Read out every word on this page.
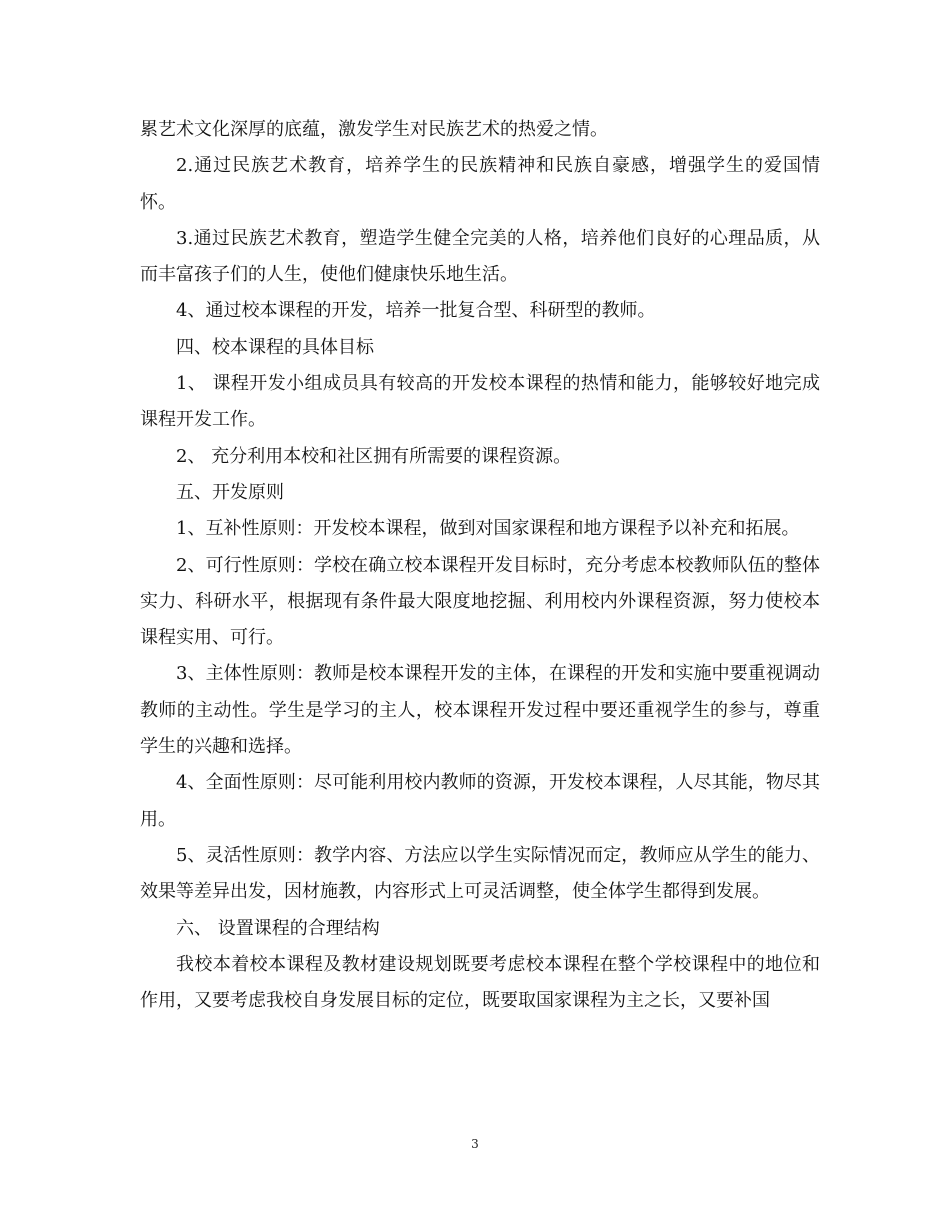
累艺术文化深厚的底蕴，激发学生对民族艺术的热爱之情。

2.通过民族艺术教育，培养学生的民族精神和民族自豪感，增强学生的爱国情怀。

3.通过民族艺术教育，塑造学生健全完美的人格，培养他们良好的心理品质，从而丰富孩子们的人生，使他们健康快乐地生活。

4、通过校本课程的开发，培养一批复合型、科研型的教师。

四、校本课程的具体目标

1、 课程开发小组成员具有较高的开发校本课程的热情和能力，能够较好地完成课程开发工作。

2、 充分利用本校和社区拥有所需要的课程资源。

五、开发原则

1、互补性原则：开发校本课程，做到对国家课程和地方课程予以补充和拓展。

2、可行性原则：学校在确立校本课程开发目标时，充分考虑本校教师队伍的整体实力、科研水平，根据现有条件最大限度地挖掘、利用校内外课程资源，努力使校本课程实用、可行。

3、主体性原则：教师是校本课程开发的主体，在课程的开发和实施中要重视调动教师的主动性。学生是学习的主人，校本课程开发过程中要还重视学生的参与，尊重学生的兴趣和选择。

4、全面性原则：尽可能利用校内教师的资源，开发校本课程，人尽其能，物尽其用。

5、灵活性原则：教学内容、方法应以学生实际情况而定，教师应从学生的能力、效果等差异出发，因材施教，内容形式上可灵活调整，使全体学生都得到发展。

六、 设置课程的合理结构

我校本着校本课程及教材建设规划既要考虑校本课程在整个学校课程中的地位和作用，又要考虑我校自身发展目标的定位，既要取国家课程为主之长，又要补国

3
